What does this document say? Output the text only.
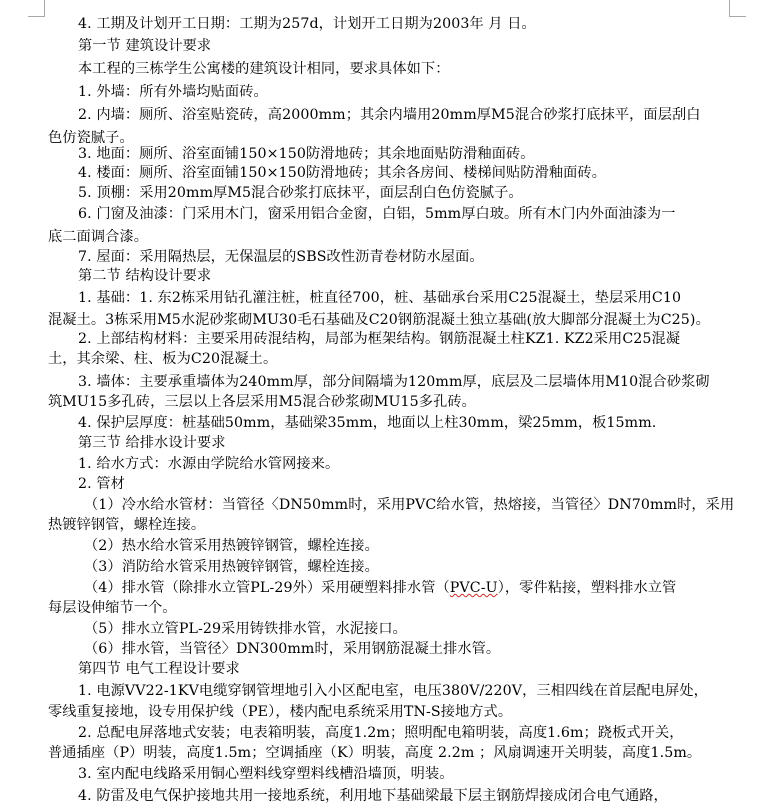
4. 工期及计划开工日期：工期为257d，计划开工日期为2003年 月 日。
第一节 建筑设计要求
本工程的三栋学生公寓楼的建筑设计相同，要求具体如下：
1. 外墙：所有外墙均贴面砖。
2. 内墙：厕所、浴室贴瓷砖，高2000mm；其余内墙用20mm厚M5混合砂浆打底抹平，面层刮白
色仿瓷腻子。
3. 地面：厕所、浴室面铺150×150防滑地砖；其余地面贴防滑釉面砖。
4. 楼面：厕所、浴室面铺150×150防滑地砖；其余各房间、楼梯间贴防滑釉面砖。
5. 顶棚：采用20mm厚M5混合砂浆打底抹平，面层刮白色仿瓷腻子。
6. 门窗及油漆：门采用木门，窗采用铝合金窗，白铝，5mm厚白玻。所有木门内外面油漆为一
底二面调合漆。
7. 屋面：采用隔热层，无保温层的SBS改性沥青卷材防水屋面。
第二节 结构设计要求
1. 基础：1. 东2栋采用钻孔灌注桩，桩直径700，桩、基础承台采用C25混凝土，垫层采用C10
混凝土。3栋采用M5水泥砂浆砌MU30毛石基础及C20钢筋混凝土独立基础(放大脚部分混凝土为C25)。
2. 上部结构材料：主要采用砖混结构，局部为框架结构。钢筋混凝土柱KZ1. KZ2采用C25混凝
土，其余梁、柱、板为C20混凝土。
3. 墙体：主要承重墙体为240mm厚，部分间隔墙为120mm厚，底层及二层墙体用M10混合砂浆砌
筑MU15多孔砖，三层以上各层采用M5混合砂浆砌MU15多孔砖。
4. 保护层厚度：桩基础50mm，基础梁35mm，地面以上柱30mm，梁25mm，板15mm.
第三节 给排水设计要求
1. 给水方式：水源由学院给水管网接来。
2. 管材
（1）冷水给水管材：当管径〈DN50mm时，采用PVC给水管，热熔接，当管径〉DN70mm时，采用
热镀锌钢管，螺栓连接。
（2）热水给水管采用热镀锌钢管，螺栓连接。
（3）消防给水管采用热镀锌钢管，螺栓连接。
（4）排水管（除排水立管PL-29外）采用硬塑料排水管（PVC-U），零件粘接，塑料排水立管
每层设伸缩节一个。
（5）排水立管PL-29采用铸铁排水管，水泥接口。
（6）排水管，当管径〉DN300mm时，采用钢筋混凝土排水管。
第四节 电气工程设计要求
1. 电源VV22-1KV电缆穿钢管埋地引入小区配电室，电压380V/220V，三相四线在首层配电屏处，
零线重复接地，设专用保护线（PE），楼内配电系统采用TN-S接地方式。
2. 总配电屏落地式安装；电表箱明装，高度1.2m；照明配电箱明装，高度1.6m；跷板式开关，
普通插座（P）明装，高度1.5m；空调插座（K）明装，高度 2.2m ；风扇调速开关明装，高度1.5m。
3. 室内配电线路采用铜心塑料线穿塑料线槽沿墙顶，明装。
4. 防雷及电气保护接地共用一接地系统，利用地下基础梁最下层主钢筋焊接成闭合电气通路，
